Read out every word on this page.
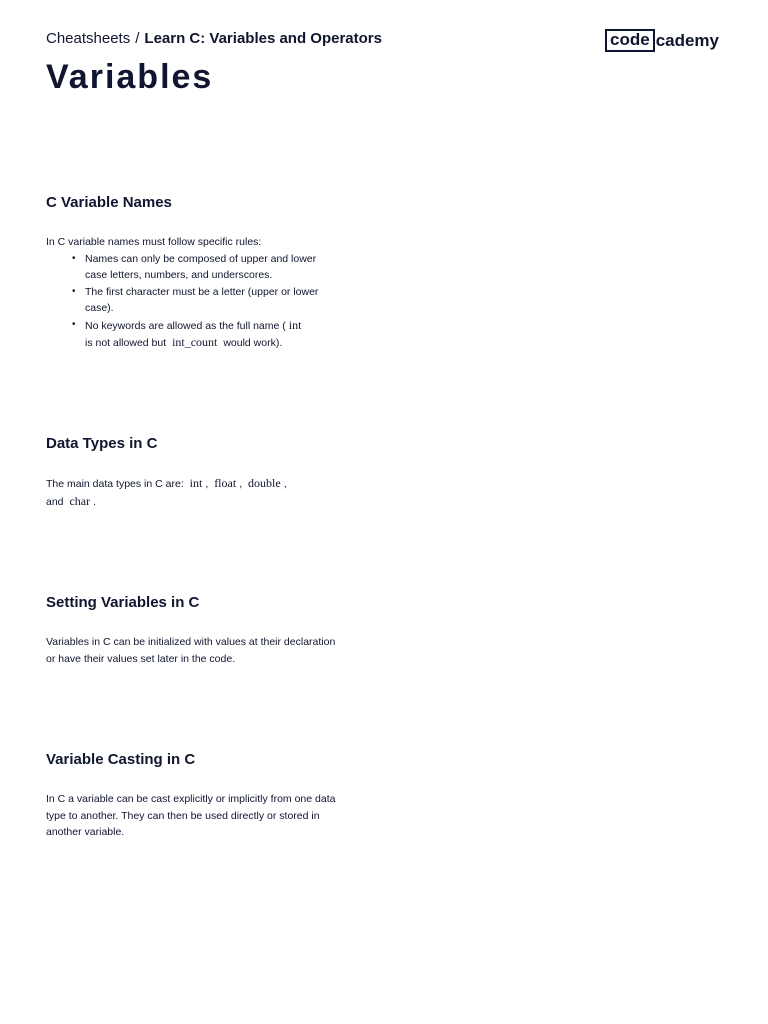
Cheatsheets / Learn C: Variables and Operators	code cademy
Variables
C Variable Names

In C variable names must follow specific rules:

• Names can only be composed of upper and lower case letters, numbers, and underscores.
• The first character must be a letter (upper or lower case).
• No keywords are allowed as the full name ( int
is not allowed but int_count would work).
Data Types in C

The main data types in C are: int , float , double ,
and char .

Setting Variables in C

Variables in C can be initialized with values at their declaration or have their values set later in the code.

Variable Casting in C

In C a variable can be cast explicitly or implicitly from one data type to another. They can then be used directly or stored in another variable.
